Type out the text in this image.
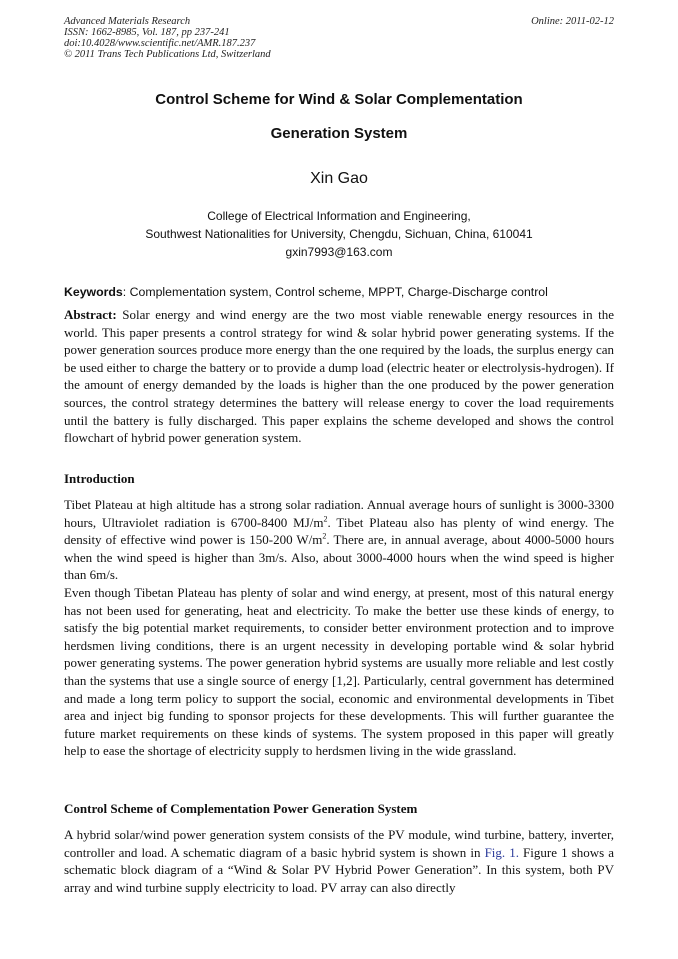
Advanced Materials Research
ISSN: 1662-8985, Vol. 187, pp 237-241
doi:10.4028/www.scientific.net/AMR.187.237
© 2011 Trans Tech Publications Ltd, Switzerland
Online: 2011-02-12
Control Scheme for Wind & Solar Complementation
Generation System
Xin Gao
College of Electrical Information and Engineering,
Southwest Nationalities for University, Chengdu, Sichuan, China, 610041
gxin7993@163.com
Keywords: Complementation system, Control scheme, MPPT, Charge-Discharge control
Abstract: Solar energy and wind energy are the two most viable renewable energy resources in the world. This paper presents a control strategy for wind & solar hybrid power generating systems. If the power generation sources produce more energy than the one required by the loads, the surplus energy can be used either to charge the battery or to provide a dump load (electric heater or electrolysis-hydrogen). If the amount of energy demanded by the loads is higher than the one produced by the power generation sources, the control strategy determines the battery will release energy to cover the load requirements until the battery is fully discharged. This paper explains the scheme developed and shows the control flowchart of hybrid power generation system.
Introduction
Tibet Plateau at high altitude has a strong solar radiation. Annual average hours of sunlight is 3000-3300 hours, Ultraviolet radiation is 6700-8400 $MJ/m^2$. Tibet Plateau also has plenty of wind energy. The density of effective wind power is 150-200 $W/m^2$. There are, in annual average, about 4000-5000 hours when the wind speed is higher than 3m/s. Also, about 3000-4000 hours when the wind speed is higher than 6m/s.
Even though Tibetan Plateau has plenty of solar and wind energy, at present, most of this natural energy has not been used for generating, heat and electricity. To make the better use these kinds of energy, to satisfy the big potential market requirements, to consider better environment protection and to improve herdsmen living conditions, there is an urgent necessity in developing portable wind & solar hybrid power generating systems. The power generation hybrid systems are usually more reliable and lest costly than the systems that use a single source of energy [1,2]. Particularly, central government has determined and made a long term policy to support the social, economic and environmental developments in Tibet area and inject big funding to sponsor projects for these developments. This will further guarantee the future market requirements on these kinds of systems. The system proposed in this paper will greatly help to ease the shortage of electricity supply to herdsmen living in the wide grassland.
Control Scheme of Complementation Power Generation System
A hybrid solar/wind power generation system consists of the PV module, wind turbine, battery, inverter, controller and load. A schematic diagram of a basic hybrid system is shown in Fig. 1. Figure 1 shows a schematic block diagram of a “Wind & Solar PV Hybrid Power Generation”. In this system, both PV array and wind turbine supply electricity to load. PV array can also directly
